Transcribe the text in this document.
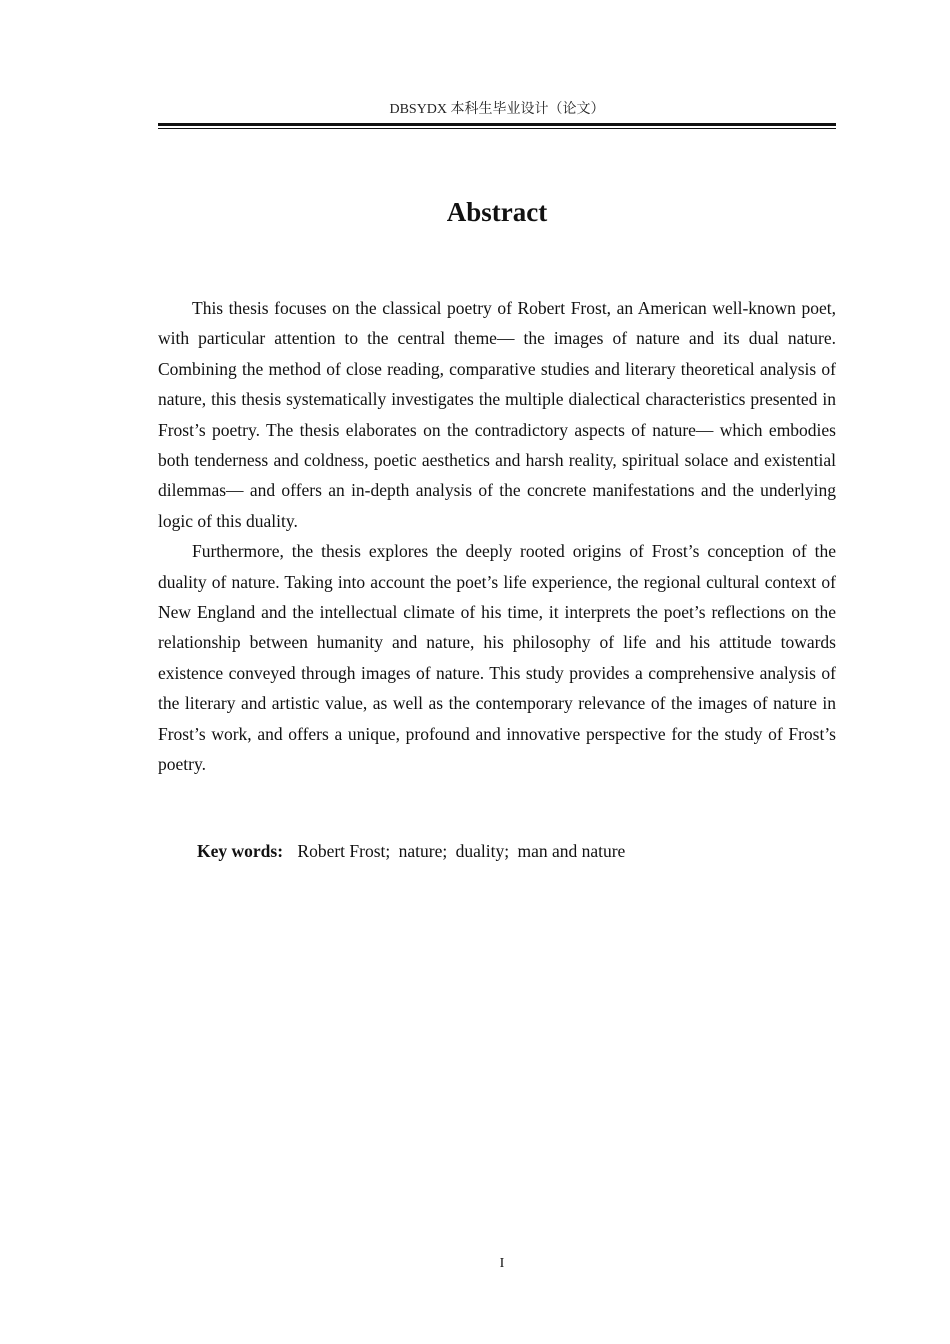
DBSYDX 本科生毕业设计（论文）
Abstract

This thesis focuses on the classical poetry of Robert Frost, an American well-known poet, with particular attention to the central theme— the images of nature and its dual nature. Combining the method of close reading, comparative studies and literary theoretical analysis of nature, this thesis systematically investigates the multiple dialectical characteristics presented in Frost’s poetry. The thesis elaborates on the contradictory aspects of nature— which embodies both tenderness and coldness, poetic aesthetics and harsh reality, spiritual solace and existential dilemmas— and offers an in-depth analysis of the concrete manifestations and the underlying logic of this duality.

Furthermore, the thesis explores the deeply rooted origins of Frost’s conception of the duality of nature. Taking into account the poet’s life experience, the regional cultural context of New England and the intellectual climate of his time, it interprets the poet’s reflections on the relationship between humanity and nature, his philosophy of life and his attitude towards existence conveyed through images of nature. This study provides a comprehensive analysis of the literary and artistic value, as well as the contemporary relevance of the images of nature in Frost’s work, and offers a unique, profound and innovative perspective for the study of Frost’s poetry.

Key words: Robert Frost; nature; duality; man and nature
I
